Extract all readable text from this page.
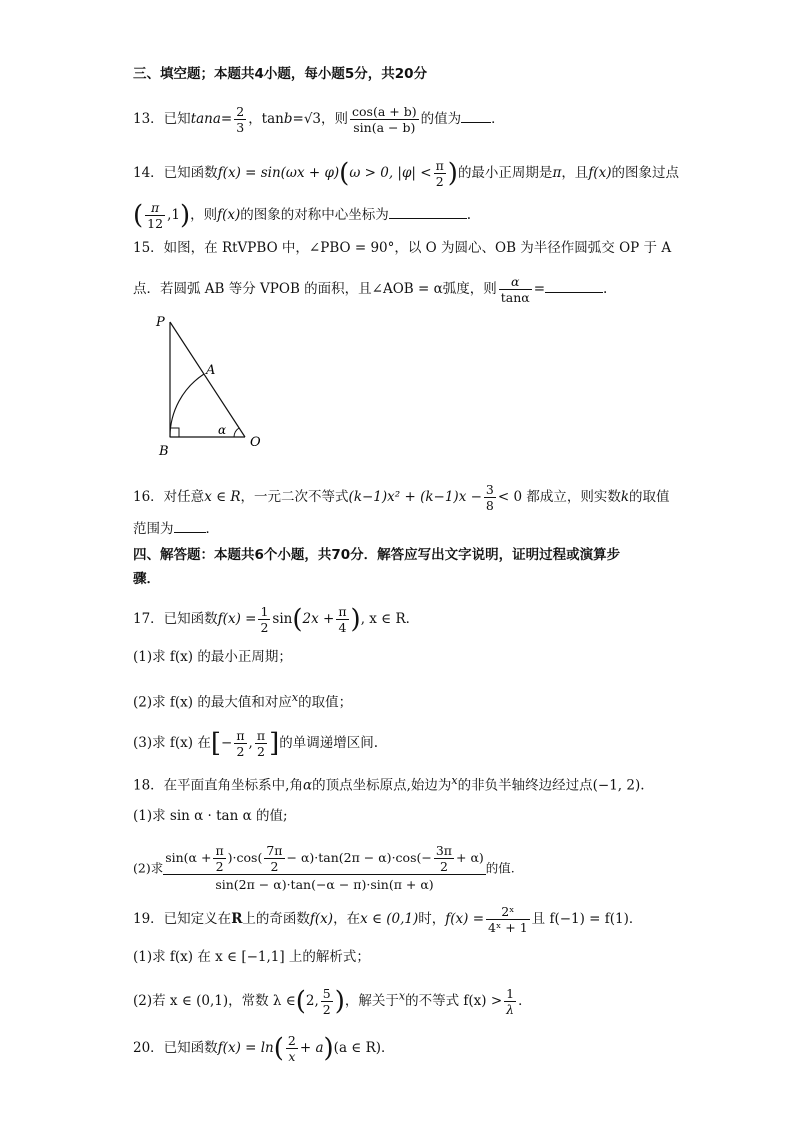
三、填空题；本题共4小题，每小题5分，共20分
13．已知$\tan a= \frac{2}{3}$ ，tanb=√3，则 $\frac{\cos(a + b)}{\sin(a - b)}$ 的值为 ．
14．已知函数f(x) = sin(ωx + φ)(ω > 0, $|\varphi| < \frac{\pi}{2}$ )的最小正周期是π，且f(x)的图象过点
( $\frac{\pi}{12} ,1$)，则f(x)的图象的对称中心坐标为	.
15．如图，在 RtVPBO 中，∠PBO = 90°，以 O 为圆心、OB 为半径作圆弧交 OP 于 A
点．若圆弧 AB 等分 VPOB 的面积，且∠AOB = α弧度，则 $\frac{\alpha}{\tan\alpha}$ =	.
P
A
B
O
α
16．对任意x ∈ R，一元二次不等式$(k-1)x^2 + (k-1)x - \frac{3}{8} < 0$ 都成立，则实数k的取值
范围为 ．
四、解答题：本题共6个小题，共70分．解答应写出文字说明，证明过程或演算步
骤．
17．已知函数$f(x) = \frac{1}{2} \sin(2x + \frac{\pi}{4}$ ), x ∈ R．
(1)求 f(x) 的最小正周期；
(2)求 f(x) 的最大值和对应$^x$的取值；
(3)求 f(x) 在[− $\frac{\pi}{2}$ , $\frac{\pi}{2}$ ]的单调递增区间.
18．在平面直角坐标系中,角α的顶点坐标原点,始边为$^x$的非负半轴终边经过点(−1, 2).
(1)求 sin α · tan α 的值;
(2)求 $\frac{\sin(\alpha + \frac{\pi}{2} )\cdot\cos( \frac{7\pi}{2} - \alpha)\cdot\tan(2\pi - \alpha)\cdot\cos(- \frac{3\pi}{2} + \alpha)}{\sin(2\pi - \alpha)\cdot\tan(-\alpha - \pi)\cdot\sin(\pi + \alpha)}$ 的值.
19．已知定义在R上的奇函数f(x)，在x ∈ (0,1)时，$f(x) = \frac{\text{2ˣ}}{\text{4ˣ + 1}}$ 且 f(−1) = f(1)．
(1)求 f(x) 在 x ∈ [−1,1] 上的解析式；
(2)若 x ∈ (0,1)，常数 λ ∈(2, $\frac{5}{2}$ )，解关于$^x$的不等式 $f(x) > \frac{1}{\lambda}$ ．
20．已知函数$f(x) = \ln( \frac{2}{x} + a)(a$ ∈ R)．
